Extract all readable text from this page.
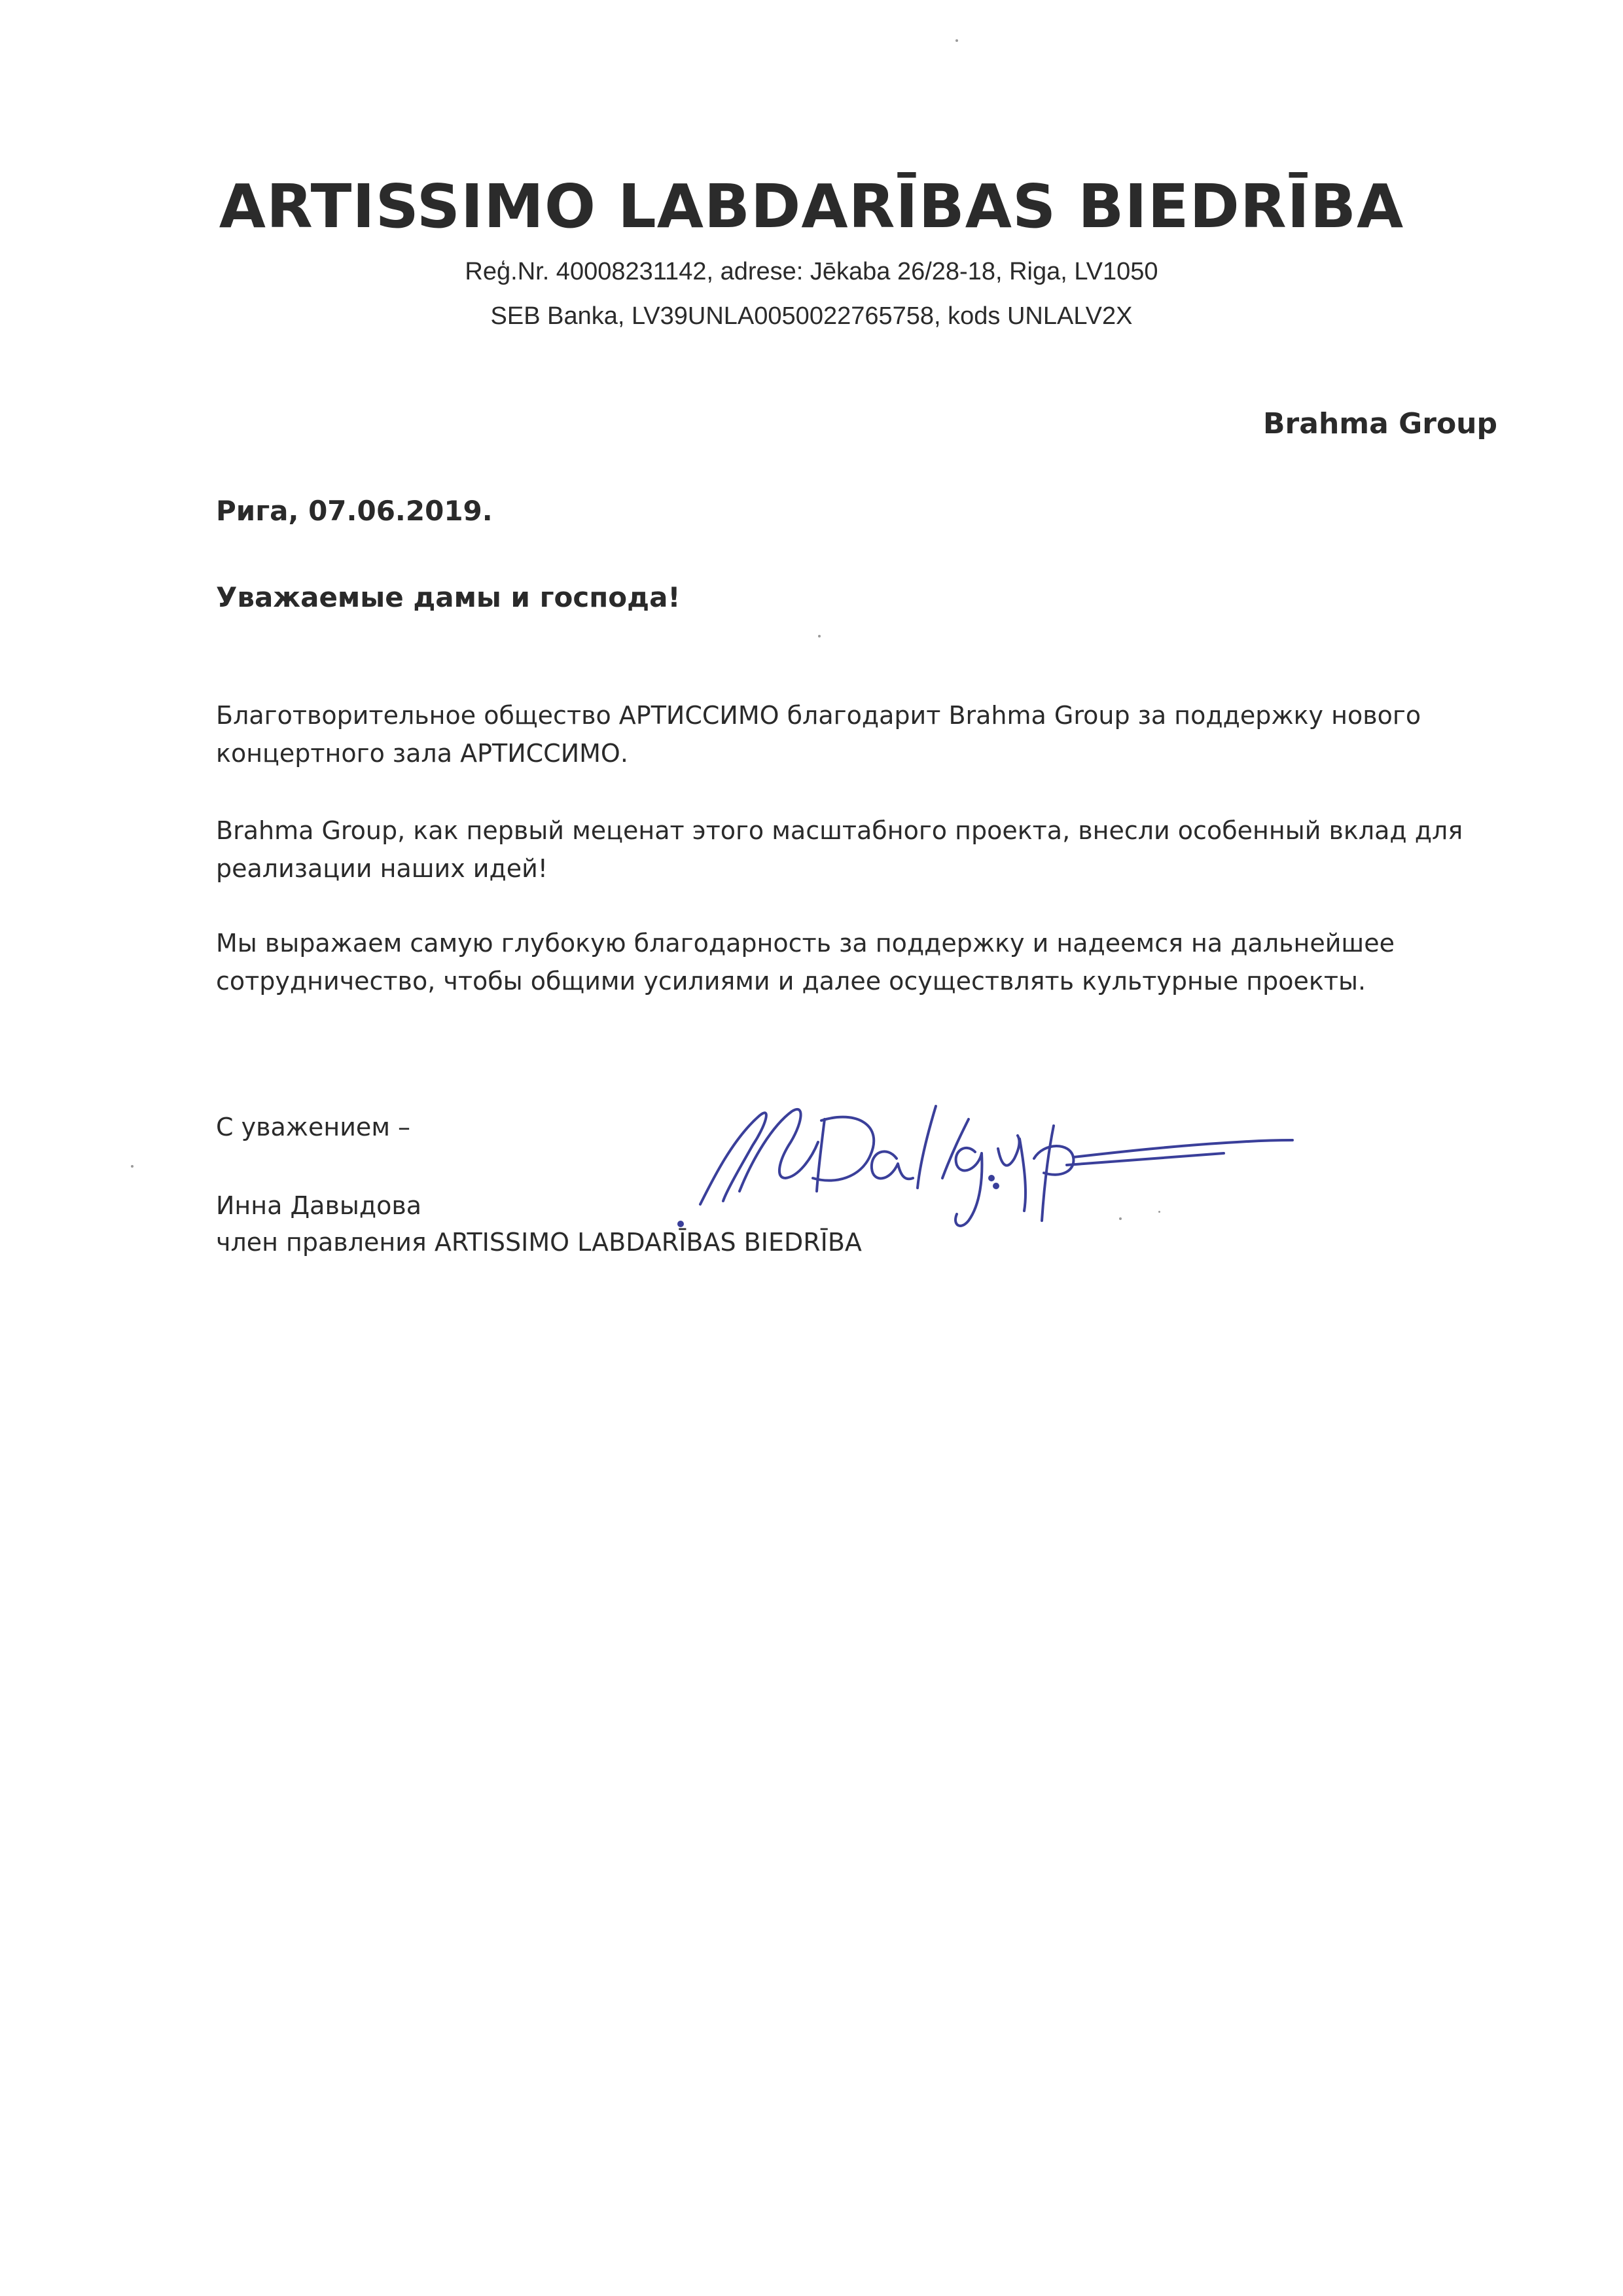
ARTISSIMO LABDARĪBAS BIEDRĪBA
Reģ.Nr. 40008231142, adrese: Jēkaba 26/28-18, Riga, LV1050
SEB Banka, LV39UNLA0050022765758, kods UNLALV2X
Brahma Group
Рига, 07.06.2019.
Уважаемые дамы и господа!
Благотворительное общество АРТИССИМО благодарит Brahma Group за поддержку нового концертного зала АРТИССИМО.
Brahma Group, как первый меценат этого масштабного проекта, внесли особенный вклад для реализации наших идей!
Мы выражаем самую глубокую благодарность за поддержку и надеемся на дальнейшее сотрудничество, чтобы общими усилиями и далее осуществлять культурные проекты.
С уважением –
Инна Давыдова
член правления ARTISSIMO LABDARĪBAS BIEDRĪBA
